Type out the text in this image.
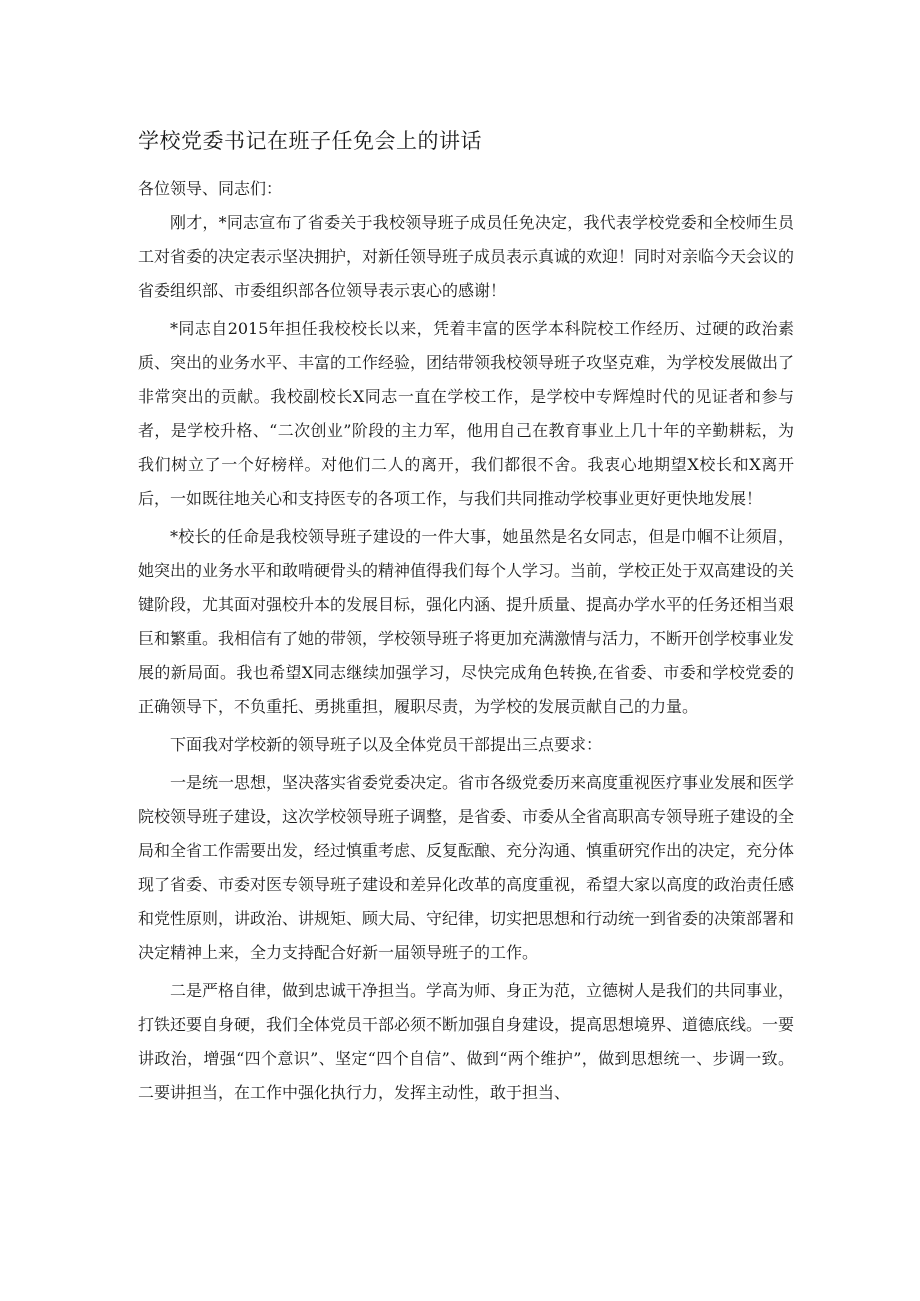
学校党委书记在班子任免会上的讲话

各位领导、同志们：

刚才，*同志宣布了省委关于我校领导班子成员任免决定，我代表学校党委和全校师生员工对省委的决定表示坚决拥护，对新任领导班子成员表示真诚的欢迎！同时对亲临今天会议的省委组织部、市委组织部各位领导表示衷心的感谢！

*同志自2015年担任我校校长以来，凭着丰富的医学本科院校工作经历、过硬的政治素质、突出的业务水平、丰富的工作经验，团结带领我校领导班子攻坚克难，为学校发展做出了非常突出的贡献。我校副校长X同志一直在学校工作，是学校中专辉煌时代的见证者和参与者，是学校升格、“二次创业”阶段的主力军，他用自己在教育事业上几十年的辛勤耕耘，为我们树立了一个好榜样。对他们二人的离开，我们都很不舍。我衷心地期望X校长和X离开后，一如既往地关心和支持医专的各项工作，与我们共同推动学校事业更好更快地发展！

*校长的任命是我校领导班子建设的一件大事，她虽然是名女同志，但是巾帼不让须眉，她突出的业务水平和敢啃硬骨头的精神值得我们每个人学习。当前，学校正处于双高建设的关键阶段，尤其面对强校升本的发展目标，强化内涵、提升质量、提高办学水平的任务还相当艰巨和繁重。我相信有了她的带领，学校领导班子将更加充满激情与活力，不断开创学校事业发展的新局面。我也希望X同志继续加强学习，尽快完成角色转换,在省委、市委和学校党委的正确领导下，不负重托、勇挑重担，履职尽责，为学校的发展贡献自己的力量。

下面我对学校新的领导班子以及全体党员干部提出三点要求：

一是统一思想，坚决落实省委党委决定。省市各级党委历来高度重视医疗事业发展和医学院校领导班子建设，这次学校领导班子调整，是省委、市委从全省高职高专领导班子建设的全局和全省工作需要出发，经过慎重考虑、反复酝酿、充分沟通、慎重研究作出的决定，充分体现了省委、市委对医专领导班子建设和差异化改革的高度重视，希望大家以高度的政治责任感和党性原则，讲政治、讲规矩、顾大局、守纪律，切实把思想和行动统一到省委的决策部署和决定精神上来，全力支持配合好新一届领导班子的工作。

二是严格自律，做到忠诚干净担当。学高为师、身正为范，立德树人是我们的共同事业，打铁还要自身硬，我们全体党员干部必须不断加强自身建设，提高思想境界、道德底线。一要讲政治，增强“四个意识”、坚定“四个自信”、做到“两个维护”，做到思想统一、步调一致。二要讲担当，在工作中强化执行力，发挥主动性，敢于担当、
